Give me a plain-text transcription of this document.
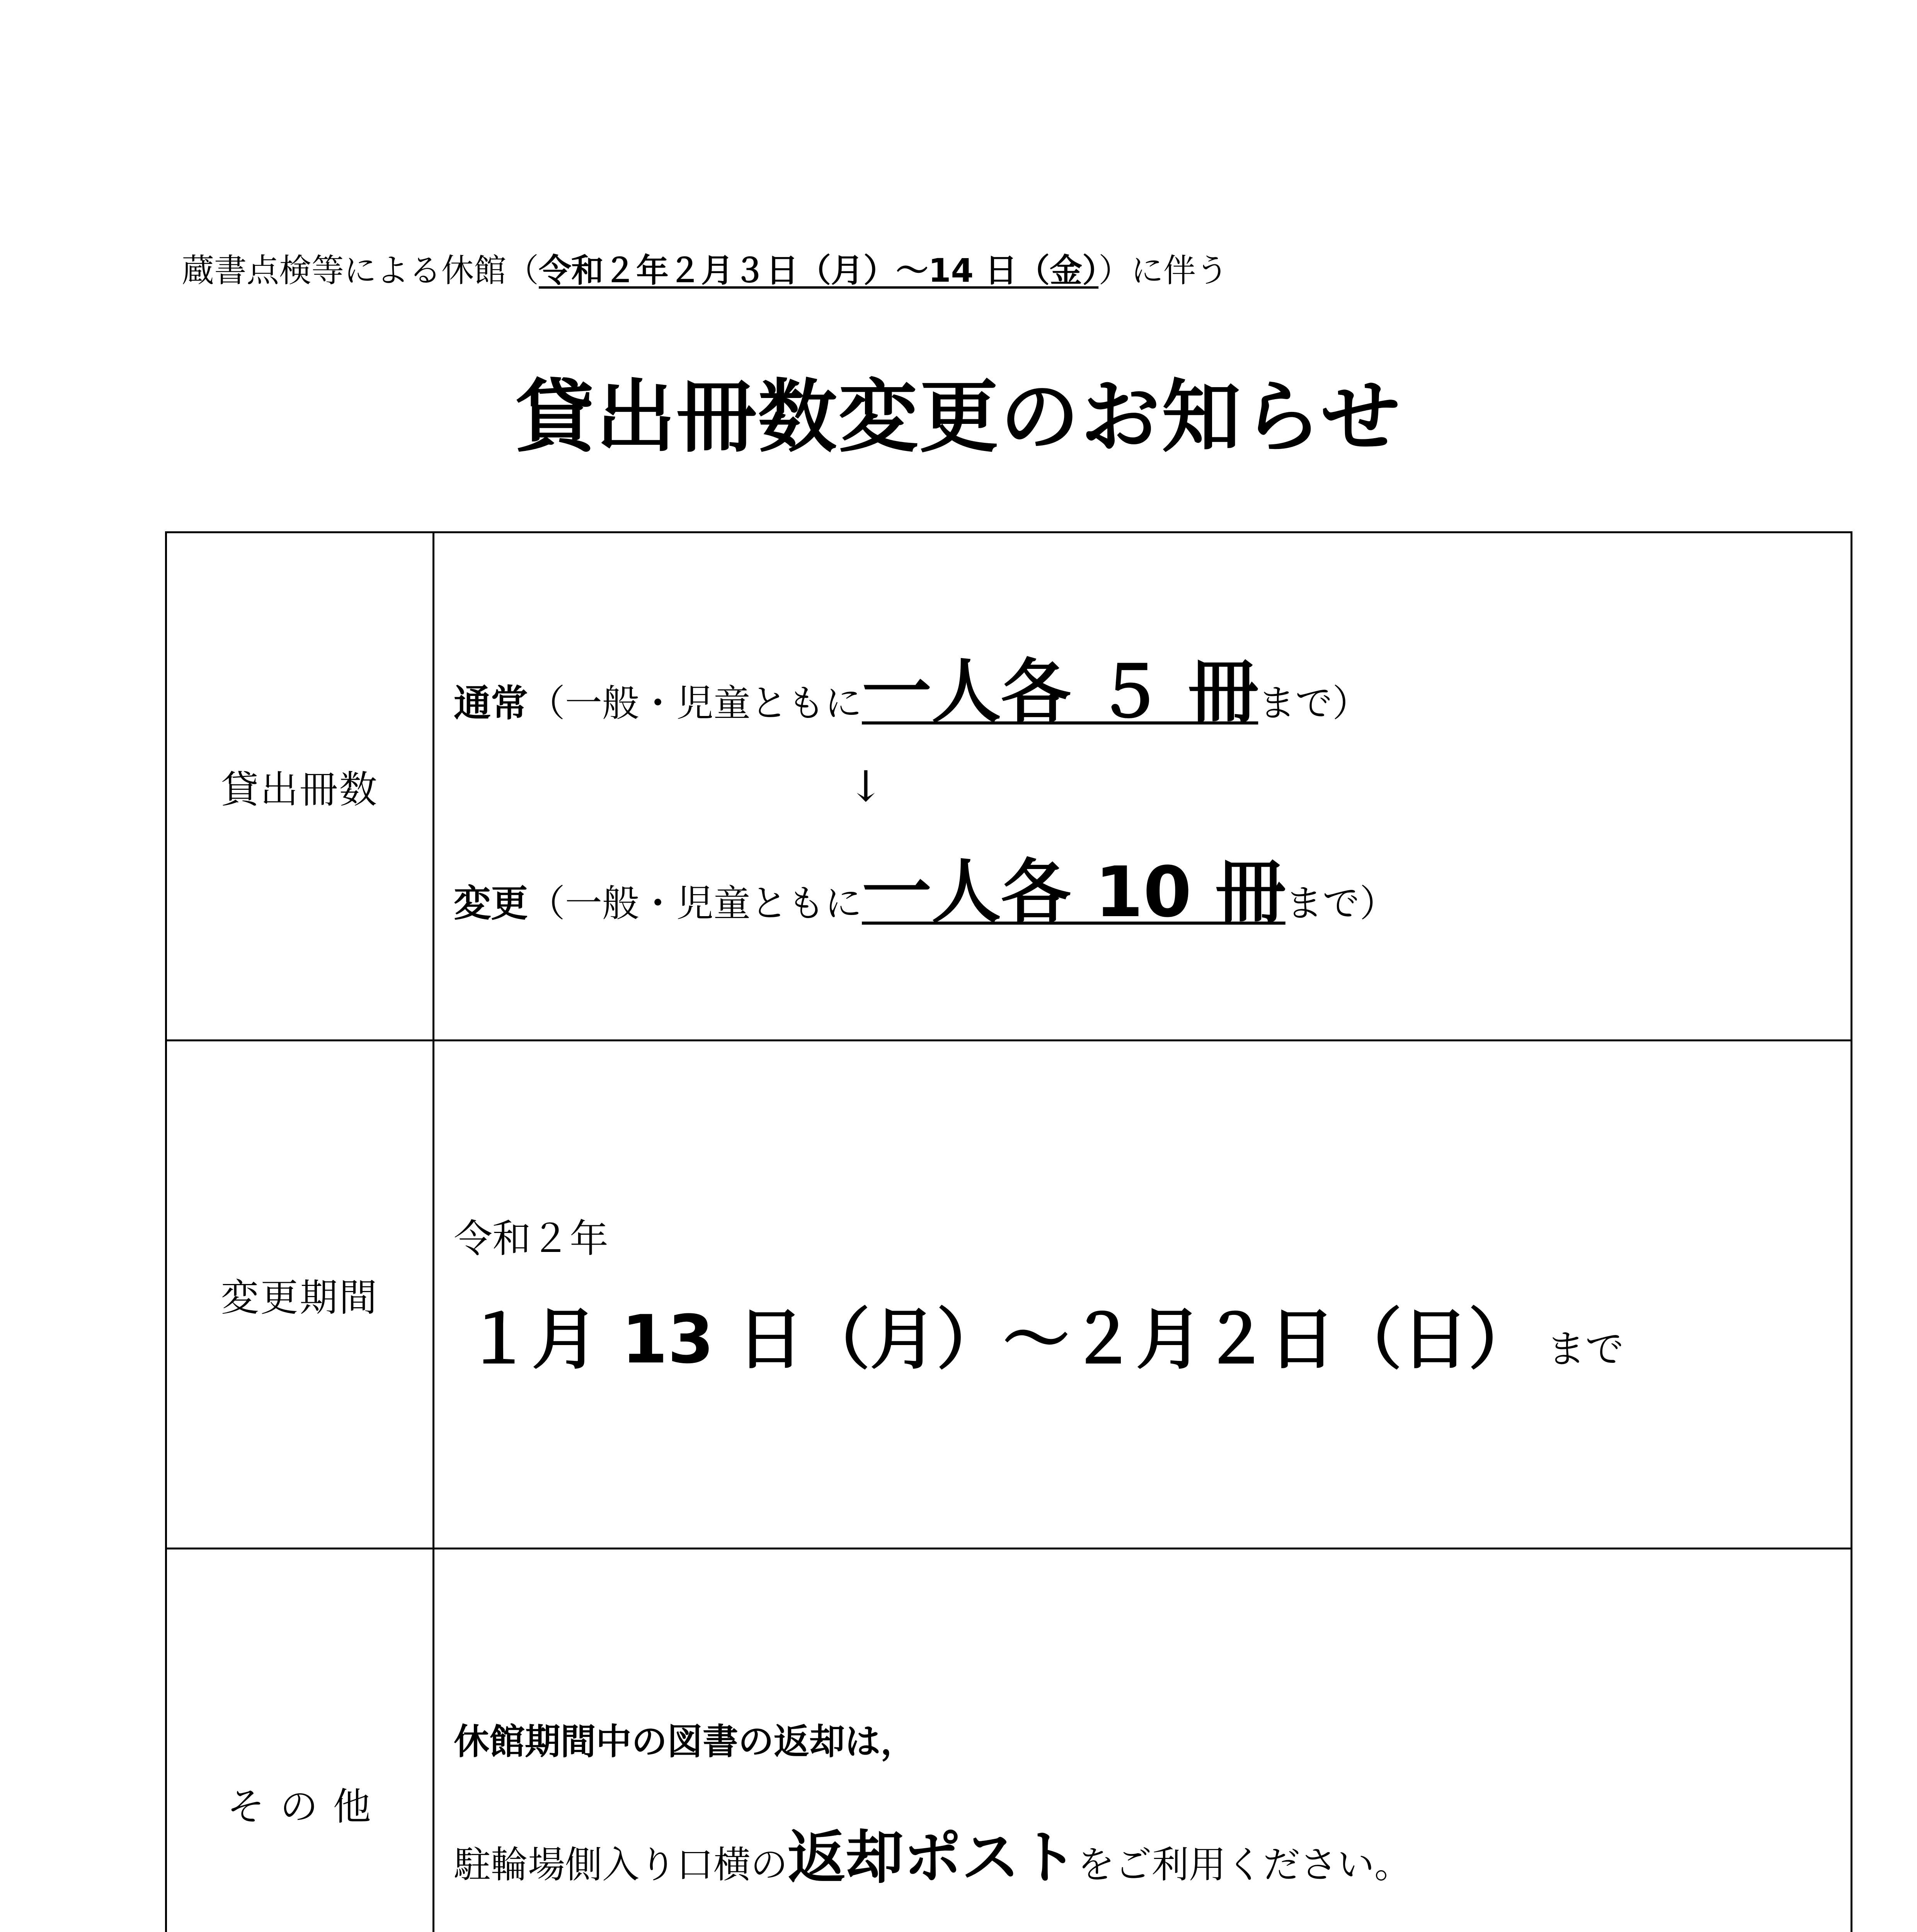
蔵書点検等による休館（令和２年２月３日（月）～14 日（金））に伴う
貸出冊数変更のお知らせ
貸出冊数	通常（一般・児童ともに一人各 ５ 冊まで）
↓
変更（一般・児童ともに一人各 10 冊まで）

変更期間	令和２年
１月 13 日（月）～２月２日（日） まで

そ の 他	休館期間中の図書の返却は，
駐輪場側入り口横の返却ポストをご利用ください。
